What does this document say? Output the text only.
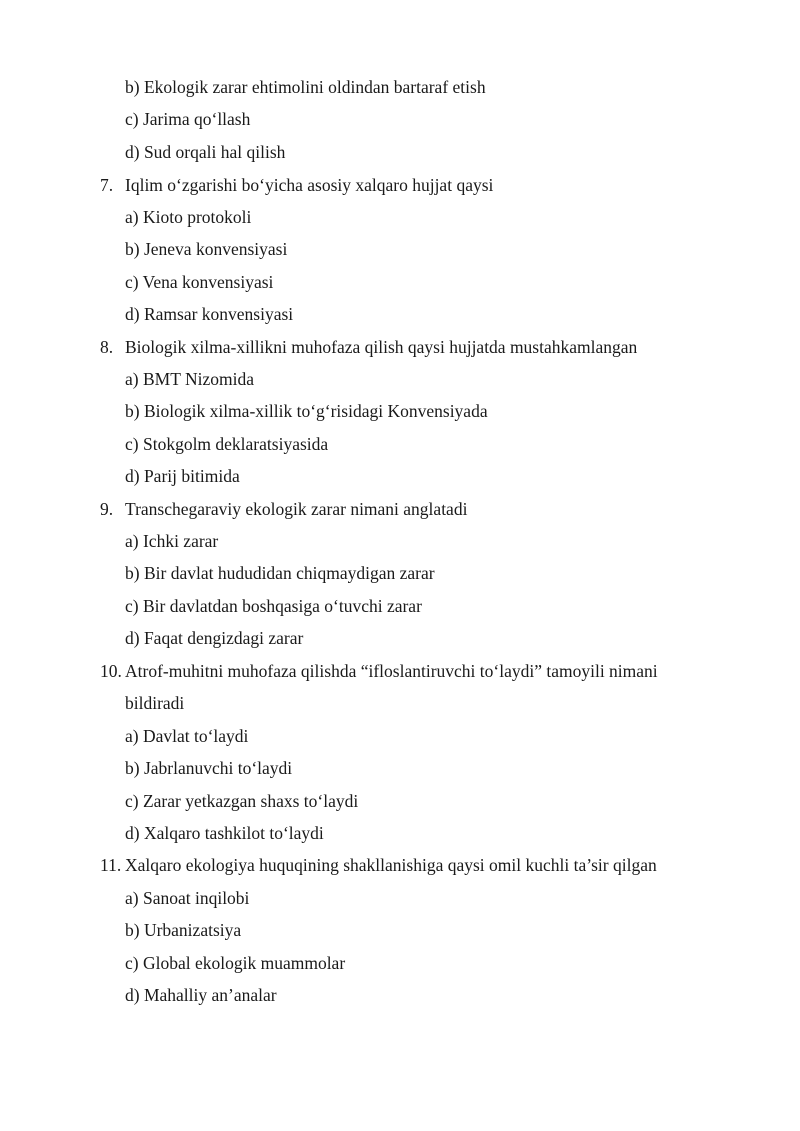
b) Ekologik zarar ehtimolini oldindan bartaraf etish
c) Jarima qo‘llash
d) Sud orqali hal qilish
7. Iqlim o‘zgarishi bo‘yicha asosiy xalqaro hujjat qaysi
a) Kioto protokoli
b) Jeneva konvensiyasi
c) Vena konvensiyasi
d) Ramsar konvensiyasi
8. Biologik xilma-xillikni muhofaza qilish qaysi hujjatda mustahkamlangan
a) BMT Nizomida
b) Biologik xilma-xillik to‘g‘risidagi Konvensiyada
c) Stokgolm deklaratsiyasida
d) Parij bitimida
9. Transchegaraviy ekologik zarar nimani anglatadi
a) Ichki zarar
b) Bir davlat hududidan chiqmaydigan zarar
c) Bir davlatdan boshqasiga o‘tuvchi zarar
d) Faqat dengizdagi zarar
10. Atrof-muhitni muhofaza qilishda “ifloslantiruvchi to‘laydi” tamoyili nimani
bildiradi
a) Davlat to‘laydi
b) Jabrlanuvchi to‘laydi
c) Zarar yetkazgan shaxs to‘laydi
d) Xalqaro tashkilot to‘laydi
11. Xalqaro ekologiya huquqining shakllanishiga qaysi omil kuchli ta’sir qilgan
a) Sanoat inqilobi
b) Urbanizatsiya
c) Global ekologik muammolar
d) Mahalliy an’analar
